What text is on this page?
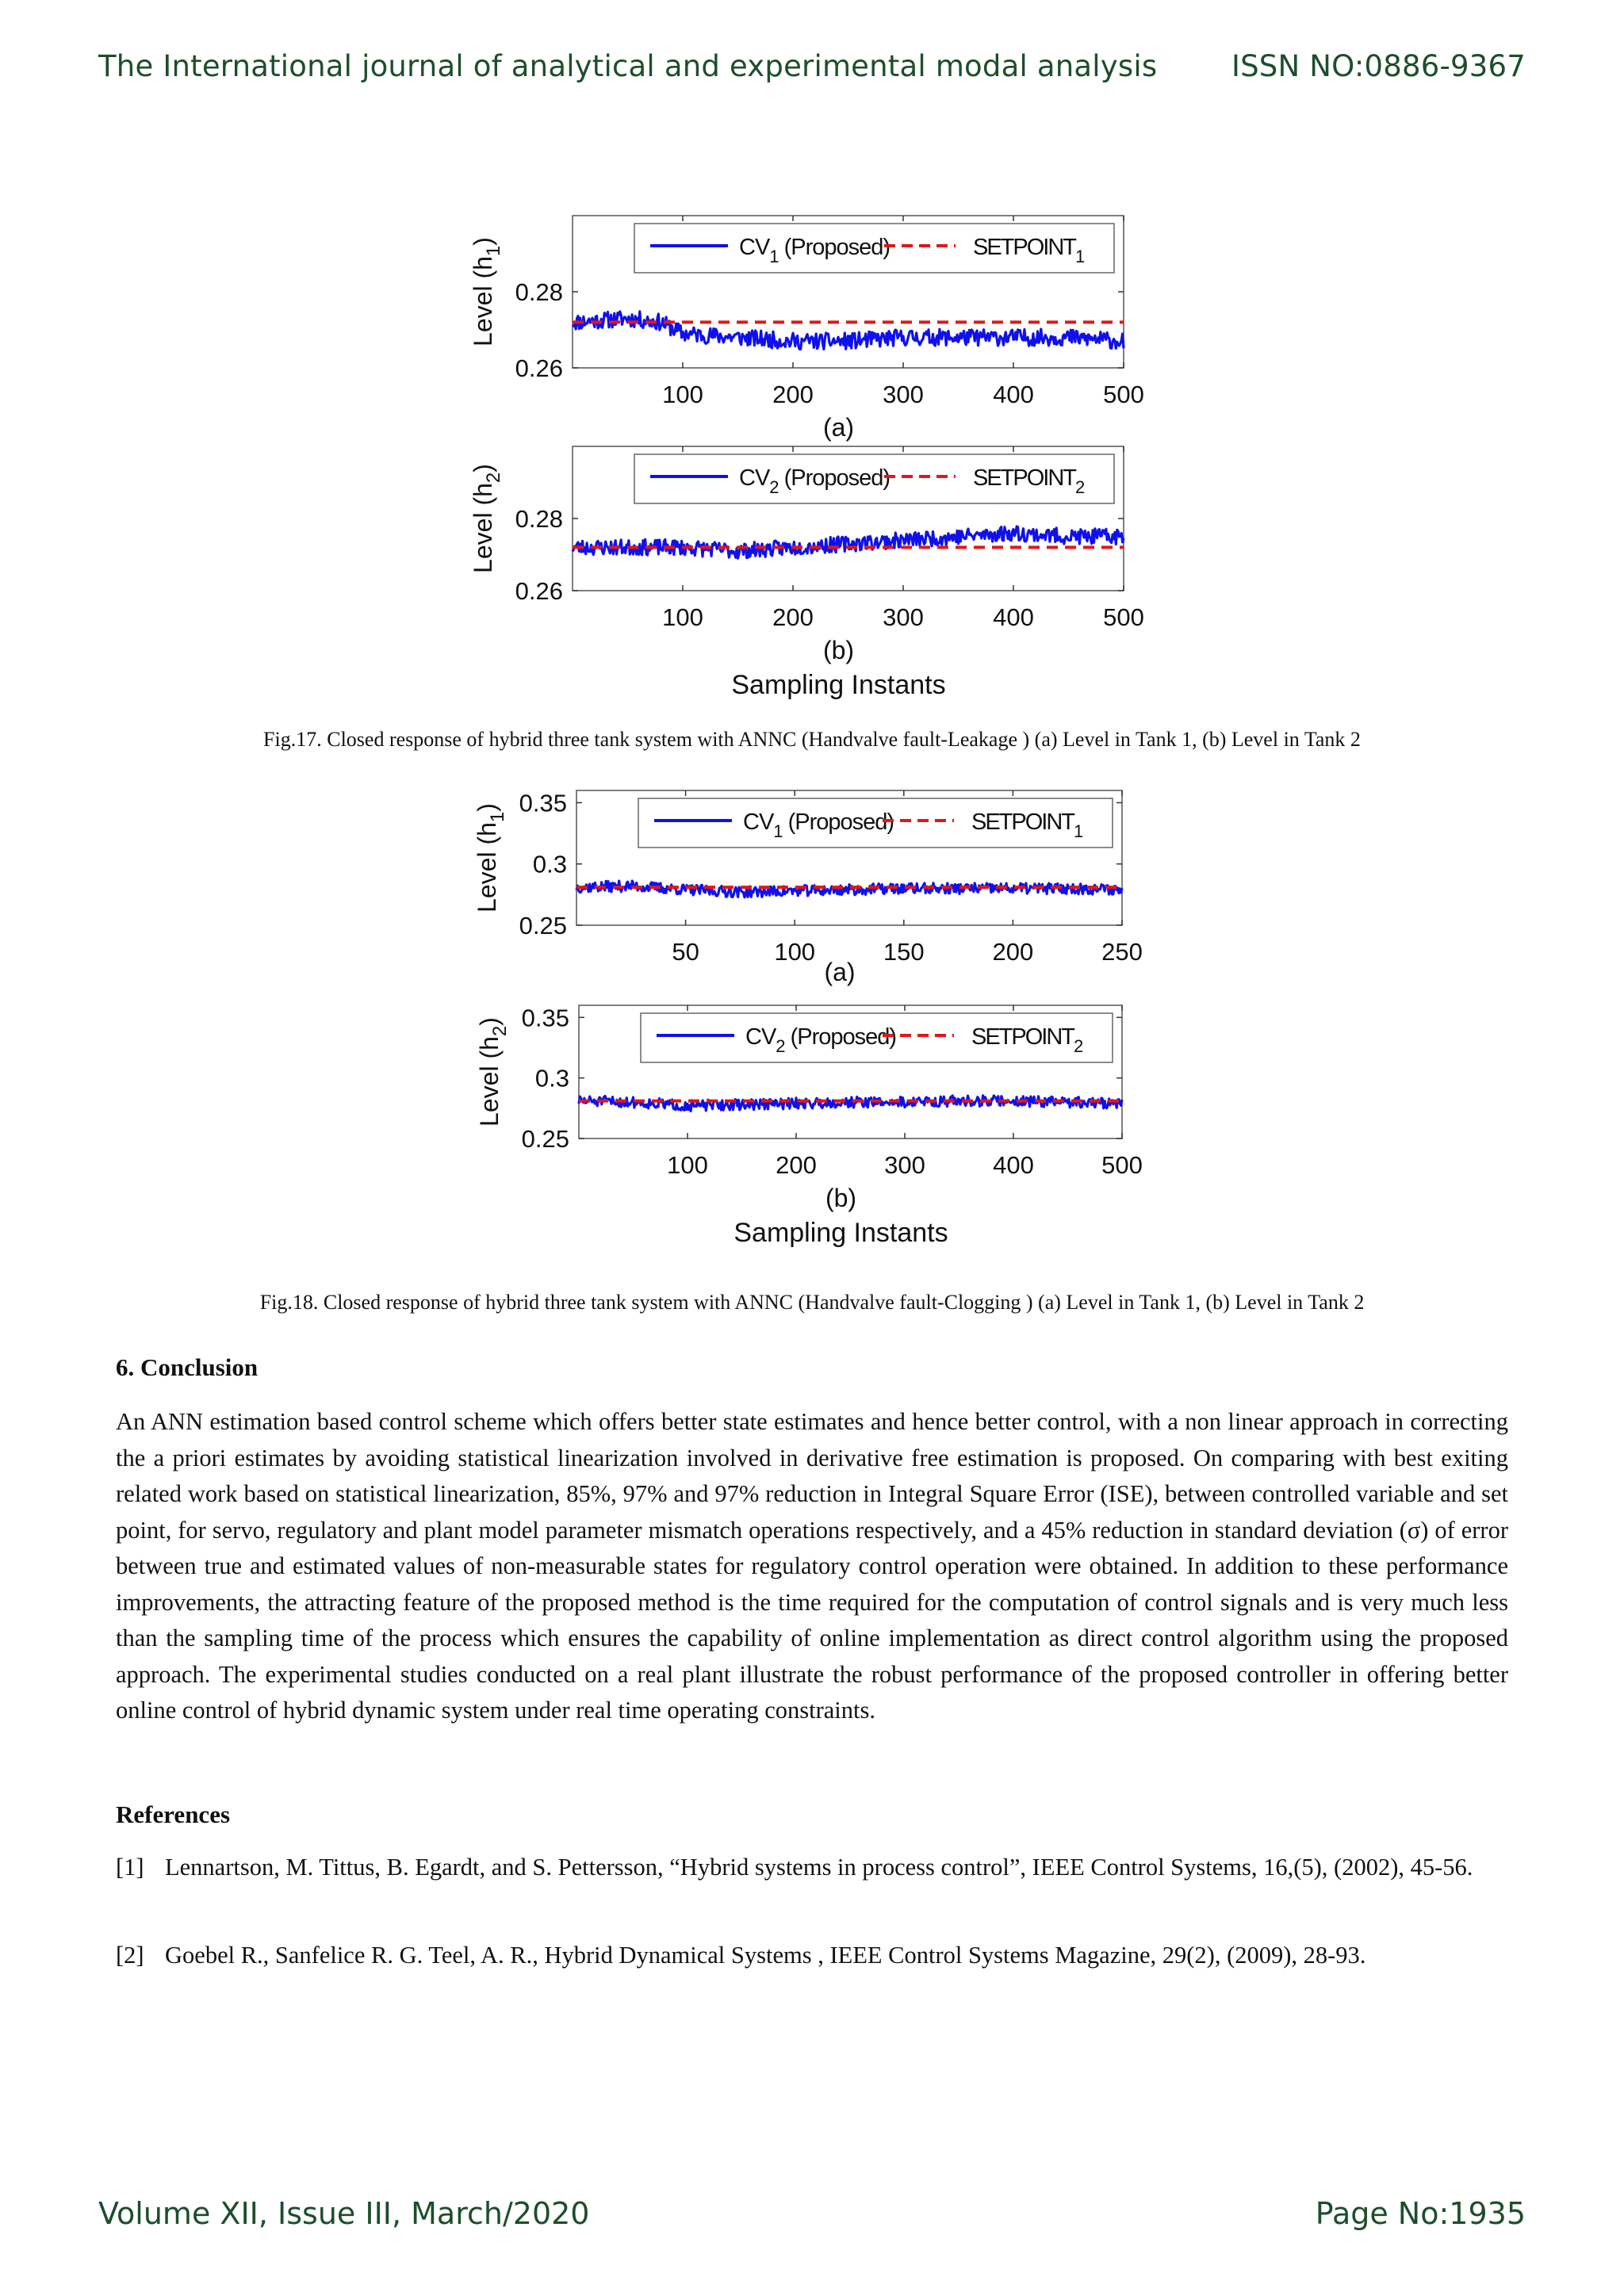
The International journal of analytical and experimental modal analysis	ISSN NO:0886-9367
0.28
0.26
100	200	300	400	500
Level $(h_1)$	$CV_1$ (Proposed)	$SETPOINT_1$
(a)
0.28
0.26
100	200	300	400	500
Level $(h_2)$	$CV_2$ (Proposed)	$SETPOINT_2$
(b)
Sampling Instants
Fig.17. Closed response of hybrid three tank system with ANNC (Handvalve fault-Leakage ) (a) Level in Tank 1, (b) Level in Tank 2
0.35
0.3
0.25
50	100	150	200	250
Level $(h_1)$
$CV_1$ (Proposed)	$SETPOINT_1$
(a)
0.35
0.3
0.25
100	200	300	400	500
Level $(h_2)$
$CV_2$ (Proposed)	$SETPOINT_2$
(b)
Sampling Instants
Fig.18. Closed response of hybrid three tank system with ANNC (Handvalve fault-Clogging ) (a) Level in Tank 1, (b) Level in Tank 2
6. Conclusion
An ANN estimation based control scheme which offers better state estimates and hence better control, with a non linear approach in correcting the a priori estimates by avoiding statistical linearization involved in derivative free estimation is proposed. On comparing with best exiting related work based on statistical linearization, 85%, 97% and 97% reduction in Integral Square Error (ISE), between controlled variable and set point, for servo, regulatory and plant model parameter mismatch operations respectively, and a 45% reduction in standard deviation (σ) of error between true and estimated values of non-measurable states for regulatory control operation were obtained. In addition to these performance improvements, the attracting feature of the proposed method is the time required for the computation of control signals and is very much less than the sampling time of the process which ensures the capability of online implementation as direct control algorithm using the proposed approach. The experimental studies conducted on a real plant illustrate the robust performance of the proposed controller in offering better online control of hybrid dynamic system under real time operating constraints.
References
[1] Lennartson, M. Tittus, B. Egardt, and S. Pettersson, “Hybrid systems in process control”, IEEE Control Systems, 16,(5), (2002), 45-56.
[2] Goebel R., Sanfelice R. G. Teel, A. R., Hybrid Dynamical Systems , IEEE Control Systems Magazine, 29(2), (2009), 28-93.
Volume XII, Issue III, March/2020	Page No:1935
